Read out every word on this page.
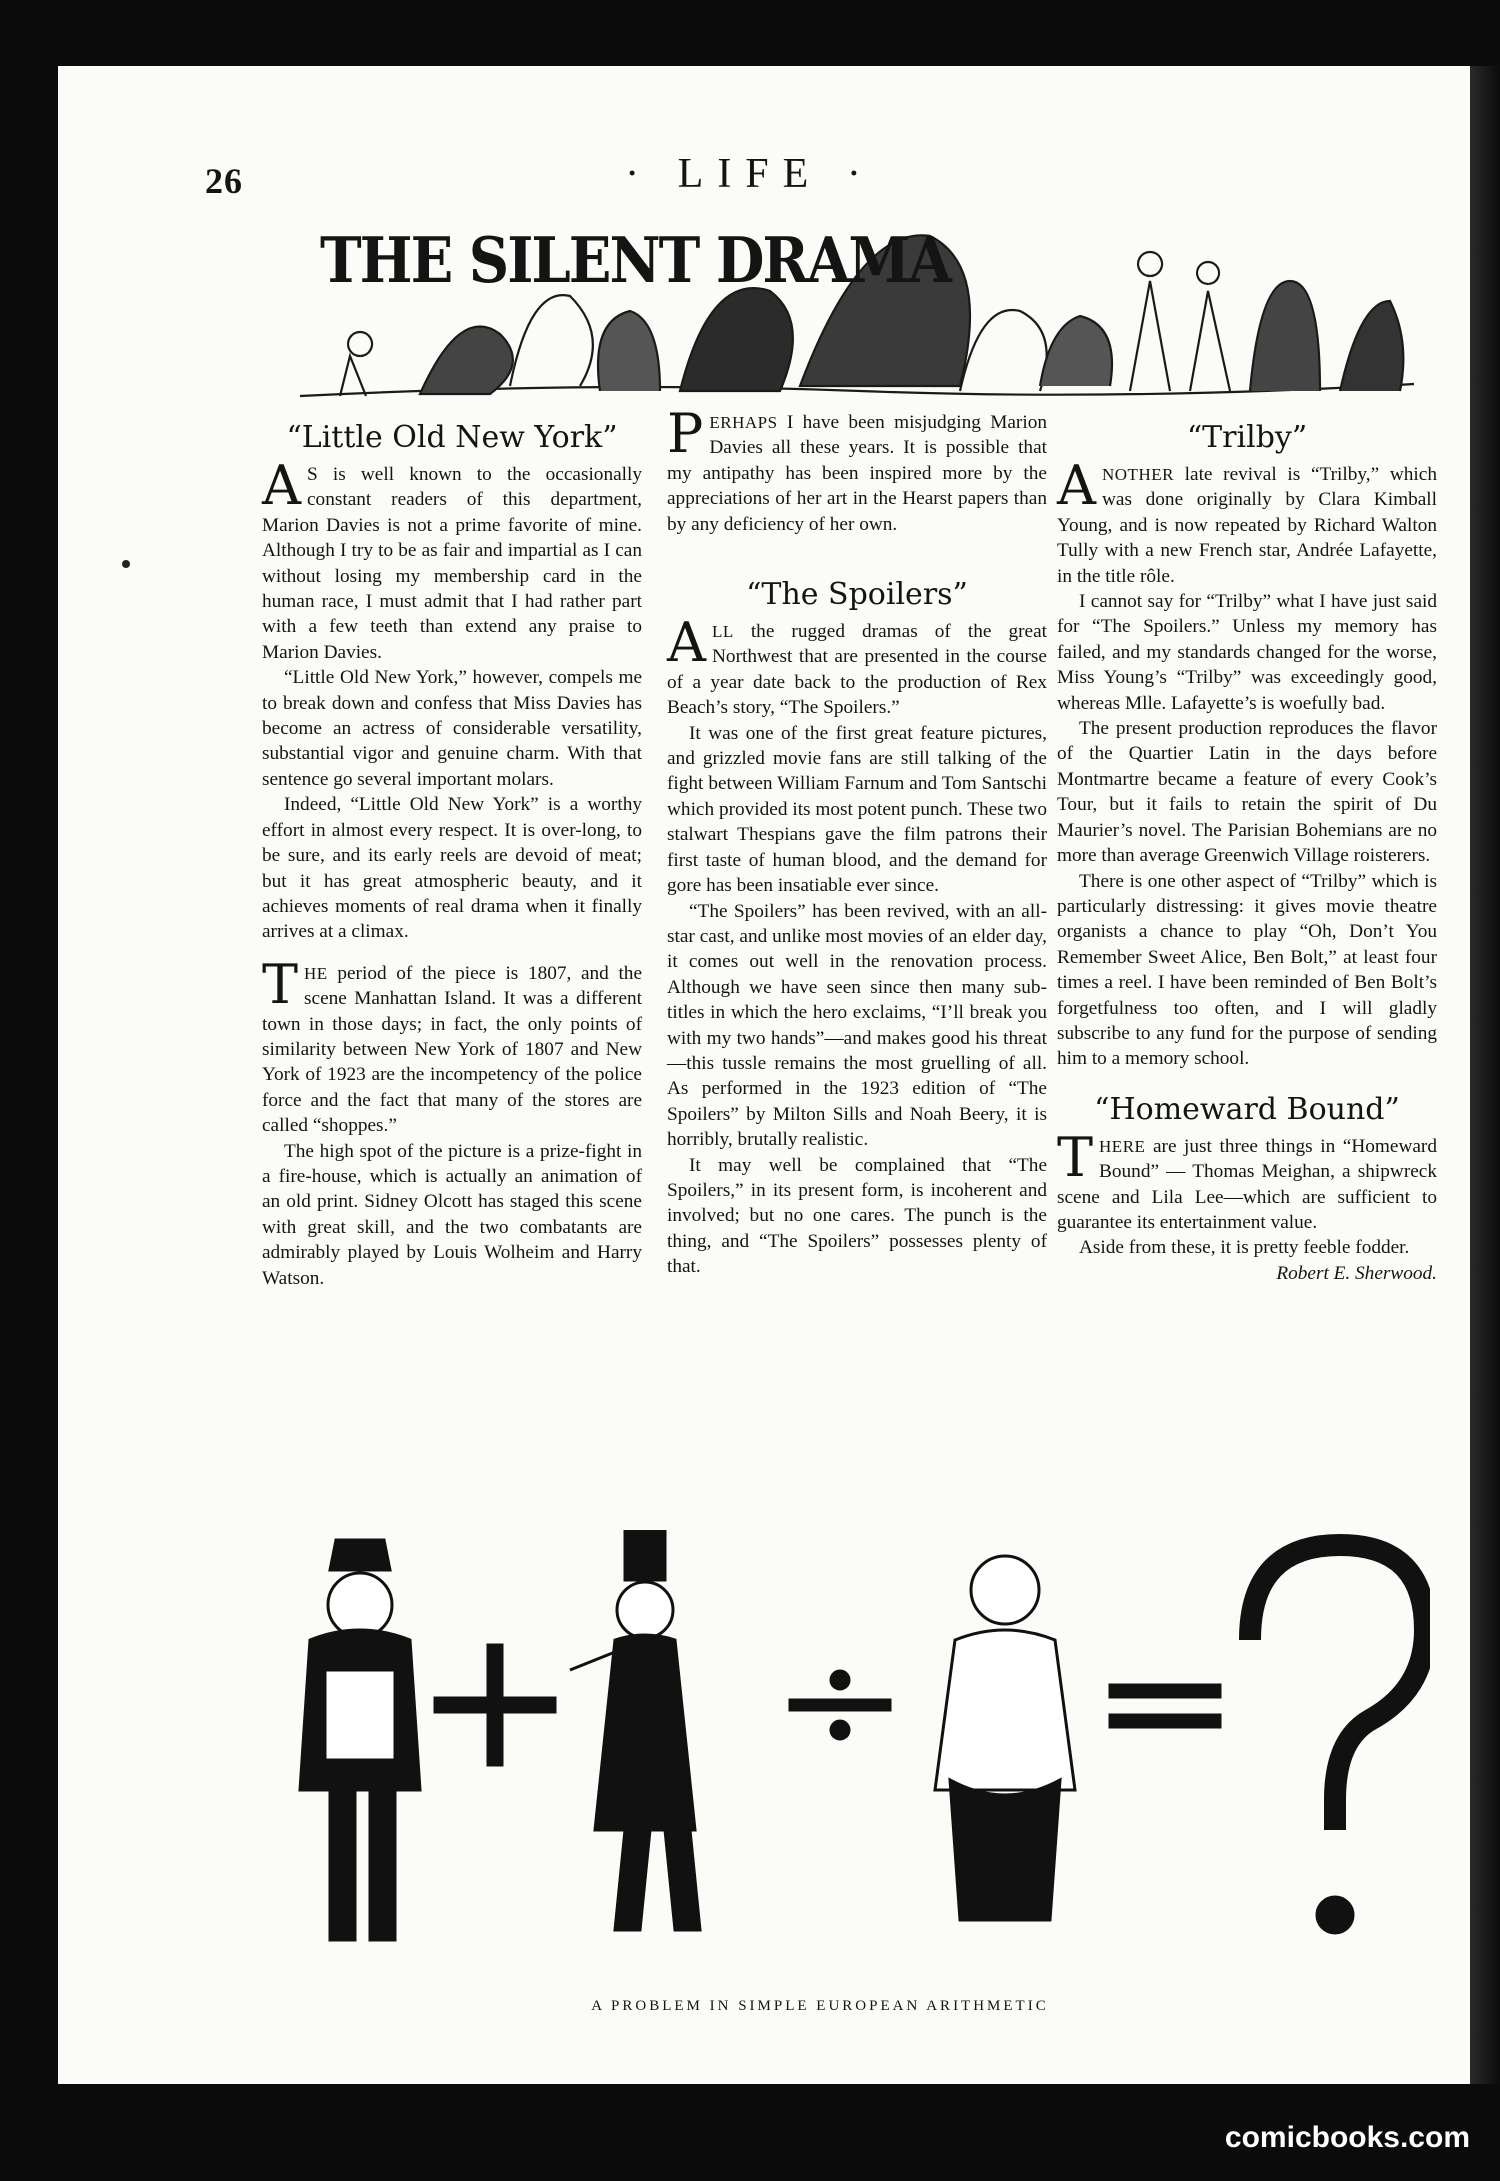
26	· LIFE ·
THE SILENT DRAMA
“Little Old New York”

A S is well known to the occasionally constant readers of this department, Marion Davies is not a prime favorite of mine. Although I try to be as fair and impartial as I can without losing my membership card in the human race, I must admit that I had rather part with a few teeth than extend any praise to Marion Davies.

“Little Old New York,” however, compels me to break down and confess that Miss Davies has become an actress of considerable versatility, substantial vigor and genuine charm. With that sentence go several important molars.

Indeed, “Little Old New York” is a worthy effort in almost every respect. It is over-long, to be sure, and its early reels are devoid of meat; but it has great atmospheric beauty, and it achieves moments of real drama when it finally arrives at a climax.

THE period of the piece is 1807, and the scene Manhattan Island. It was a different town in those days; in fact, the only points of similarity between New York of 1807 and New York of 1923 are the incompetency of the police force and the fact that many of the stores are called “shoppes.”

The high spot of the picture is a prize-fight in a fire-house, which is actually an animation of an old print. Sidney Olcott has staged this scene with great skill, and the two combatants are admirably played by Louis Wolheim and Harry Watson.

PERHAPS I have been misjudging Marion Davies all these years. It is possible that my antipathy has been inspired more by the appreciations of her art in the Hearst papers than by any deficiency of her own.

“The Spoilers”

ALL the rugged dramas of the great Northwest that are presented in the course of a year date back to the production of Rex Beach’s story, “The Spoilers.”

It was one of the first great feature pictures, and grizzled movie fans are still talking of the fight between William Farnum and Tom Santschi which provided its most potent punch. These two stalwart Thespians gave the film patrons their first taste of human blood, and the demand for gore has been insatiable ever since.

“The Spoilers” has been revived, with an all-star cast, and unlike most movies of an elder day, it comes out well in the renovation process. Although we have seen since then many sub-titles in which the hero exclaims, “I’ll break you with my two hands”—and makes good his threat—this tussle remains the most gruelling of all. As performed in the 1923 edition of “The Spoilers” by Milton Sills and Noah Beery, it is horribly, brutally realistic.

It may well be complained that “The Spoilers,” in its present form, is incoherent and involved; but no one cares. The punch is the thing, and “The Spoilers” possesses plenty of that.

“Trilby”

ANOTHER late revival is “Trilby,” which was done originally by Clara Kimball Young, and is now repeated by Richard Walton Tully with a new French star, Andrée Lafayette, in the title rôle.

I cannot say for “Trilby” what I have just said for “The Spoilers.” Unless my memory has failed, and my standards changed for the worse, Miss Young’s “Trilby” was exceedingly good, whereas Mlle. Lafayette’s is woefully bad.

The present production reproduces the flavor of the Quartier Latin in the days before Montmartre became a feature of every Cook’s Tour, but it fails to retain the spirit of Du Maurier’s novel. The Parisian Bohemians are no more than average Greenwich Village roisterers.

There is one other aspect of “Trilby” which is particularly distressing: it gives movie theatre organists a chance to play “Oh, Don’t You Remember Sweet Alice, Ben Bolt,” at least four times a reel. I have been reminded of Ben Bolt’s forgetfulness too often, and I will gladly subscribe to any fund for the purpose of sending him to a memory school.

“Homeward Bound”

THERE are just three things in “Homeward Bound” — Thomas Meighan, a shipwreck scene and Lila Lee—which are sufficient to guarantee its entertainment value.

Aside from these, it is pretty feeble fodder.

Robert E. Sherwood.

A PROBLEM IN SIMPLE EUROPEAN ARITHMETIC
comicbooks.com
